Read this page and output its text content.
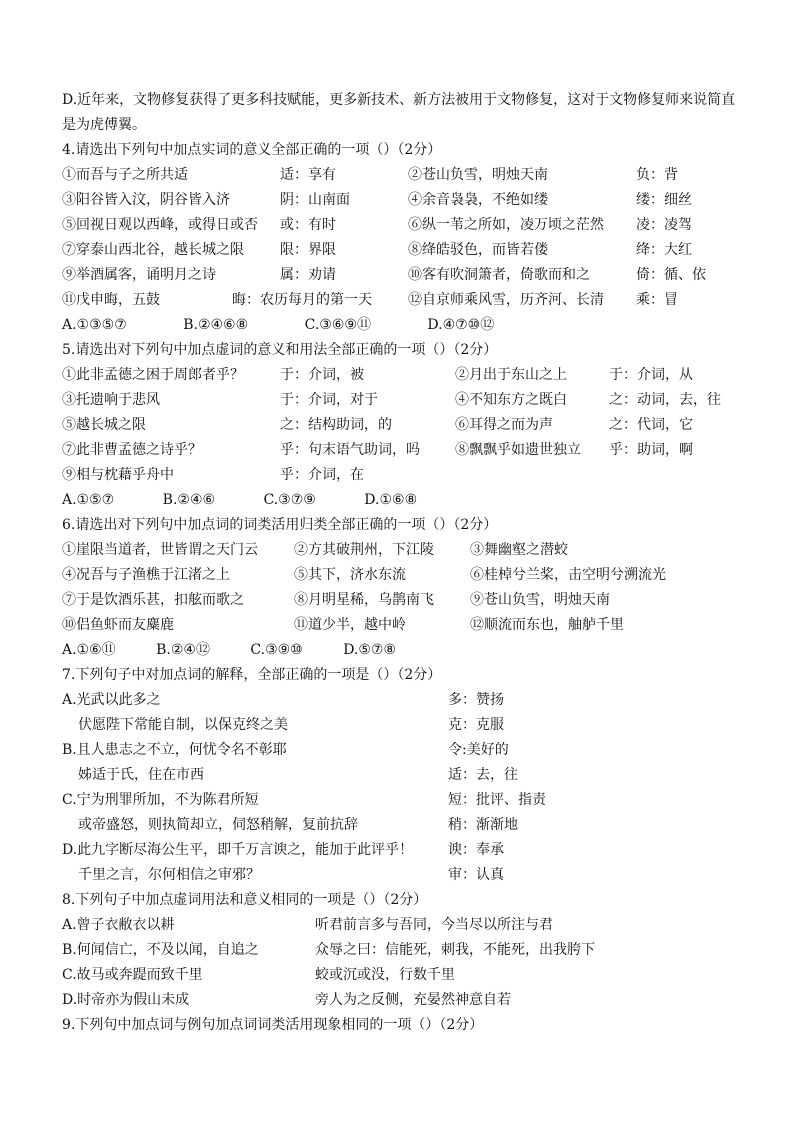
D.近年来，文物修复获得了更多科技赋能，更多新技术、新方法被用于文物修复，这对于文物修复师来说简直是为虎傅翼。

4.请选出下列句中加点实词的意义全部正确的一项（）（2分）
①而吾与子之所共适	适：享有	②苍山负雪，明烛天南	负：背
③阳谷皆入汶，阴谷皆入济	阴：山南面	④余音袅袅，不绝如缕	缕：细丝
⑤回视日观以西峰，或得日或否 或：有时	⑥纵一苇之所如，凌万顷之茫然 凌：凌驾
⑦穿泰山西北谷，越长城之限	限：界限	⑧绛皓驳色，而皆若偻	绛：大红
⑨举酒属客，诵明月之诗	属：劝请	⑩客有吹洞箫者，倚歌而和之	倚：循、依
⑪戊申晦，五鼓	晦：农历每月的第一天	⑫自京师乘风雪，历齐河、长清 乘：冒
A.①③⑤⑦	B.②④⑥⑧	C.③⑥⑨⑪	D.④⑦⑩⑫
5.请选出对下列句中加点虚词的意义和用法全部正确的一项（）（2分）
①此非孟德之困于周郎者乎？	于：介词，被	②月出于东山之上	于：介词，从
③托遗响于悲风	于：介词，对于	④不知东方之既白	之：动词，去，往
⑤越长城之限	之：结构助词，的	⑥耳得之而为声	之：代词，它
⑦此非曹孟德之诗乎？	乎：句末语气助词，吗	⑧飘飘乎如遗世独立 乎：助词，啊
⑨相与枕藉乎舟中	乎：介词，在
A.①⑤⑦	B.②④⑥	C.③⑦⑨	D.①⑥⑧
6.请选出对下列句中加点词的词类活用归类全部正确的一项（）（2分）
①崖限当道者，世皆谓之天门云	②方其破荆州，下江陵	③舞幽壑之潜蛟
④况吾与子渔樵于江渚之上	⑤其下，济水东流	⑥桂棹兮兰桨，击空明兮溯流光
⑦于是饮酒乐甚，扣舷而歌之	⑧月明星稀，乌鹊南飞	⑨苍山负雪，明烛天南
⑩侣鱼虾而友麋鹿	⑪道少半，越中岭	⑫顺流而东也，舳舻千里
A.①⑥⑪	B.②④⑫	C.③⑨⑩	D.⑤⑦⑧
7.下列句子中对加点词的解释，全部正确的一项是（）（2分）
A.光武以此多之	多：赞扬
伏愿陛下常能自制，以保克终之美	克：克服
B.且人患志之不立，何忧令名不彰耶	令:美好的
姊适于氏，住在市西	适：去，往
C.宁为刑罪所加，不为陈君所短	短：批评、指责
或帝盛怒，则执简却立，伺怒稍解，复前抗辞	稍：渐渐地
D.此九字断尽海公生平，即千万言谀之，能加于此评乎！ 谀：奉承
千里之言，尔何相信之审邪？	审：认真
8.下列句子中加点虚词用法和意义相同的一项是（）（2分）
A.曾子衣敝衣以耕	听君前言多与吾同，今当尽以所注与君
B.何闻信亡，不及以闻，自追之	众辱之曰：信能死，刺我，不能死，出我胯下
C.故马或奔踶而致千里	蛟或沉或没，行数千里
D.时帝亦为假山未成	旁人为之反侧，充晏然神意自若
9.下列句中加点词与例句加点词词类活用现象相同的一项（）（2分）
